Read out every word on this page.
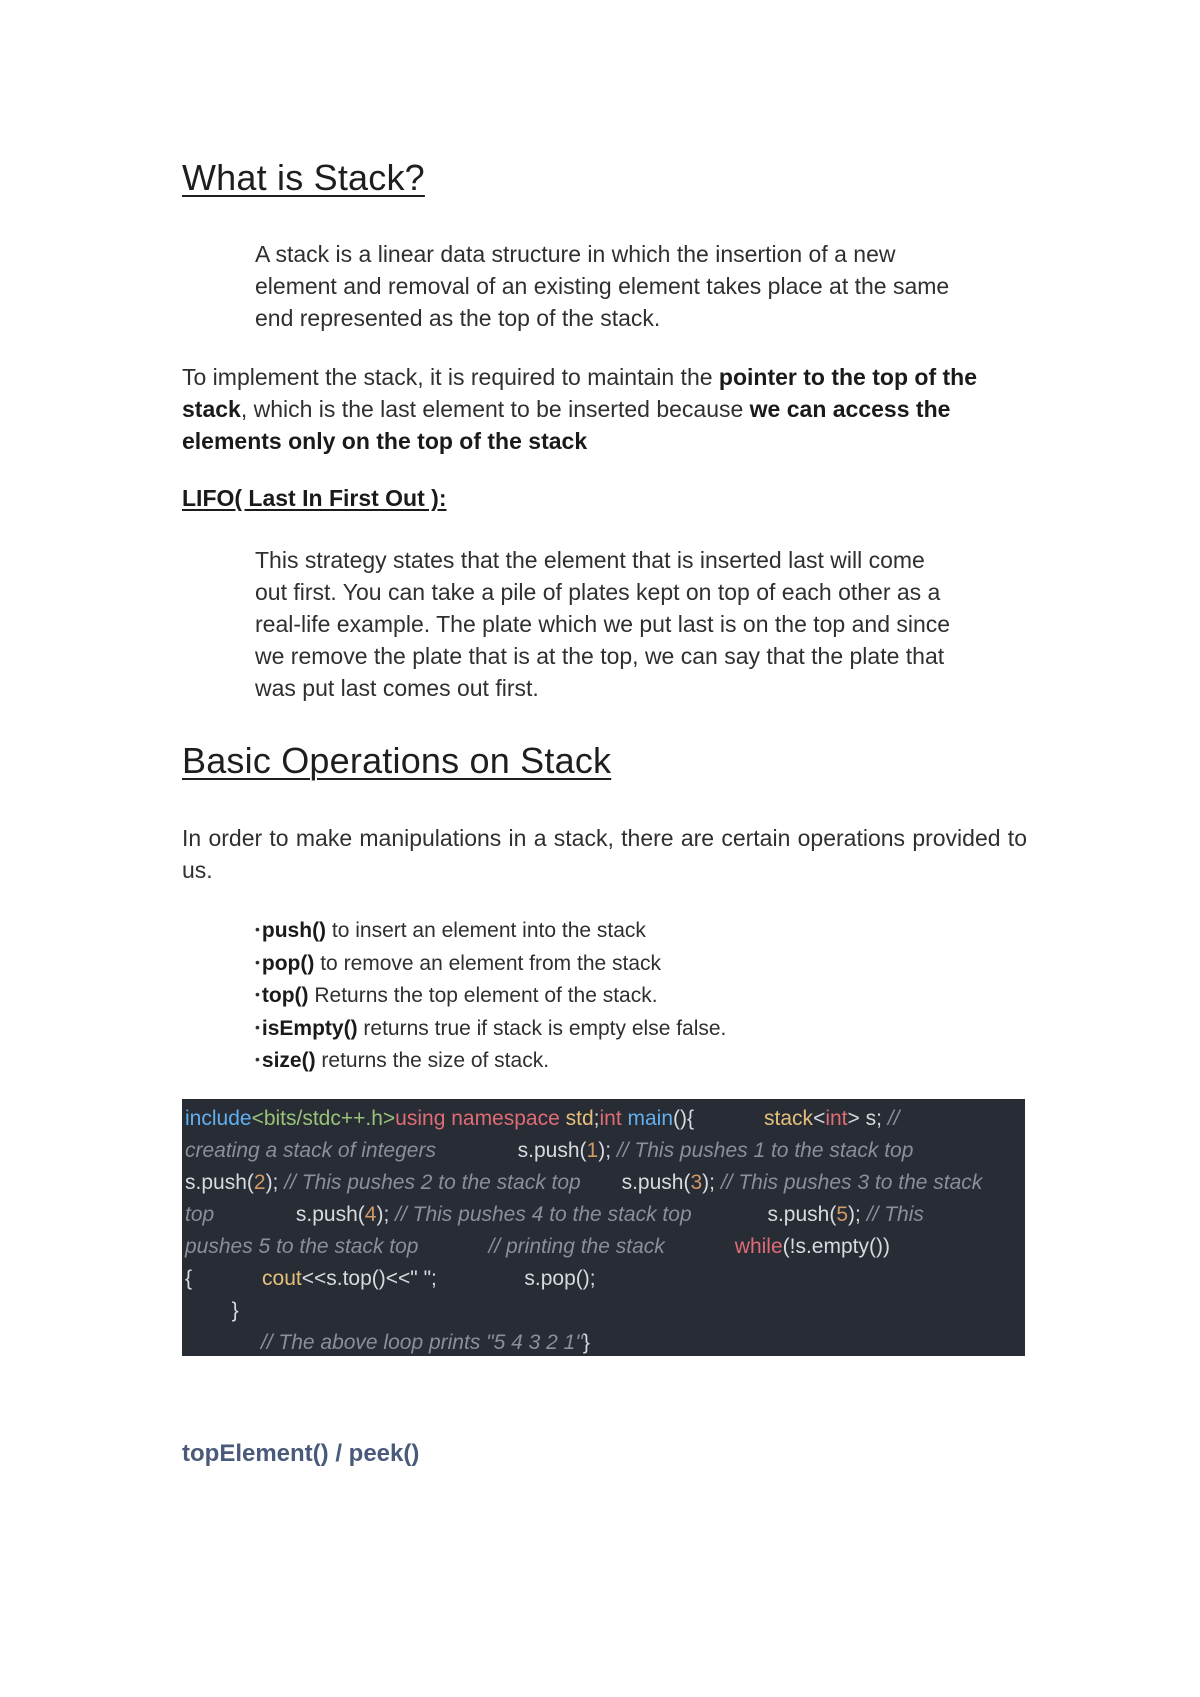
What is Stack?

A stack is a linear data structure in which the insertion of a new element and removal of an existing element takes place at the same end represented as the top of the stack.

To implement the stack, it is required to maintain the pointer to the top of the stack, which is the last element to be inserted because we can access the elements only on the top of the stack

LIFO( Last In First Out ):

This strategy states that the element that is inserted last will come out first. You can take a pile of plates kept on top of each other as a real-life example. The plate which we put last is on the top and since we remove the plate that is at the top, we can say that the plate that was put last comes out first.

Basic Operations on Stack

In order to make manipulations in a stack, there are certain operations provided to us.

•push() to insert an element into the stack
•pop() to remove an element from the stack
•top() Returns the top element of the stack.
•isEmpty() returns true if stack is empty else false.
•size() returns the size of stack.
include<bits/stdc++.h>using namespace std;int main(){	stack<int> s; //
creating a stack of integers              s.push(1); // This pushes 1 to the stack top
s.push(2); // This pushes 2 to the stack top       s.push(3); // This pushes 3 to the stack
top              s.push(4); // This pushes 4 to the stack top             s.push(5); // This
pushes 5 to the stack top	// printing the stack	while(!s.empty())
{	cout<<s.top()<<" ";               s.pop();
}
// The above loop prints "5 4 3 2 1"}

topElement() / peek()
